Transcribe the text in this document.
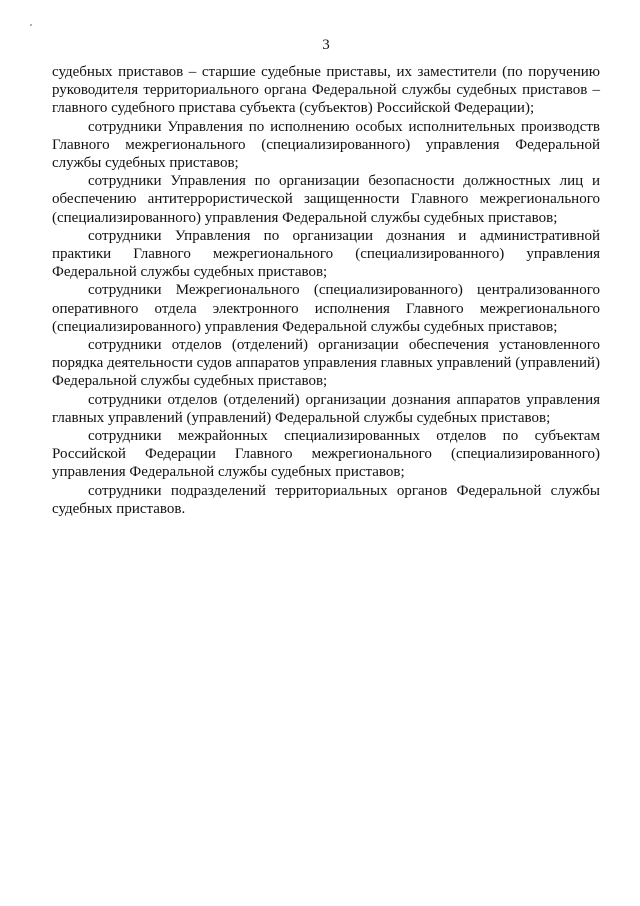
3

судебных приставов – старшие судебные приставы, их заместители (по поручению руководителя территориального органа Федеральной службы судебных приставов – главного судебного пристава субъекта (субъектов) Российской Федерации);

сотрудники Управления по исполнению особых исполнительных производств Главного межрегионального (специализированного) управления Федеральной службы судебных приставов;

сотрудники Управления по организации безопасности должностных лиц и обеспечению антитеррористической защищенности Главного межрегионального (специализированного) управления Федеральной службы судебных приставов;

сотрудники Управления по организации дознания и административной практики Главного межрегионального (специализированного) управления Федеральной службы судебных приставов;

сотрудники Межрегионального (специализированного) централизованного оперативного отдела электронного исполнения Главного межрегионального (специализированного) управления Федеральной службы судебных приставов;

сотрудники отделов (отделений) организации обеспечения установленного порядка деятельности судов аппаратов управления главных управлений (управлений) Федеральной службы судебных приставов;

сотрудники отделов (отделений) организации дознания аппаратов управления главных управлений (управлений) Федеральной службы судебных приставов;

сотрудники межрайонных специализированных отделов по субъектам Российской Федерации Главного межрегионального (специализированного) управления Федеральной службы судебных приставов;

сотрудники подразделений территориальных органов Федеральной службы судебных приставов.
